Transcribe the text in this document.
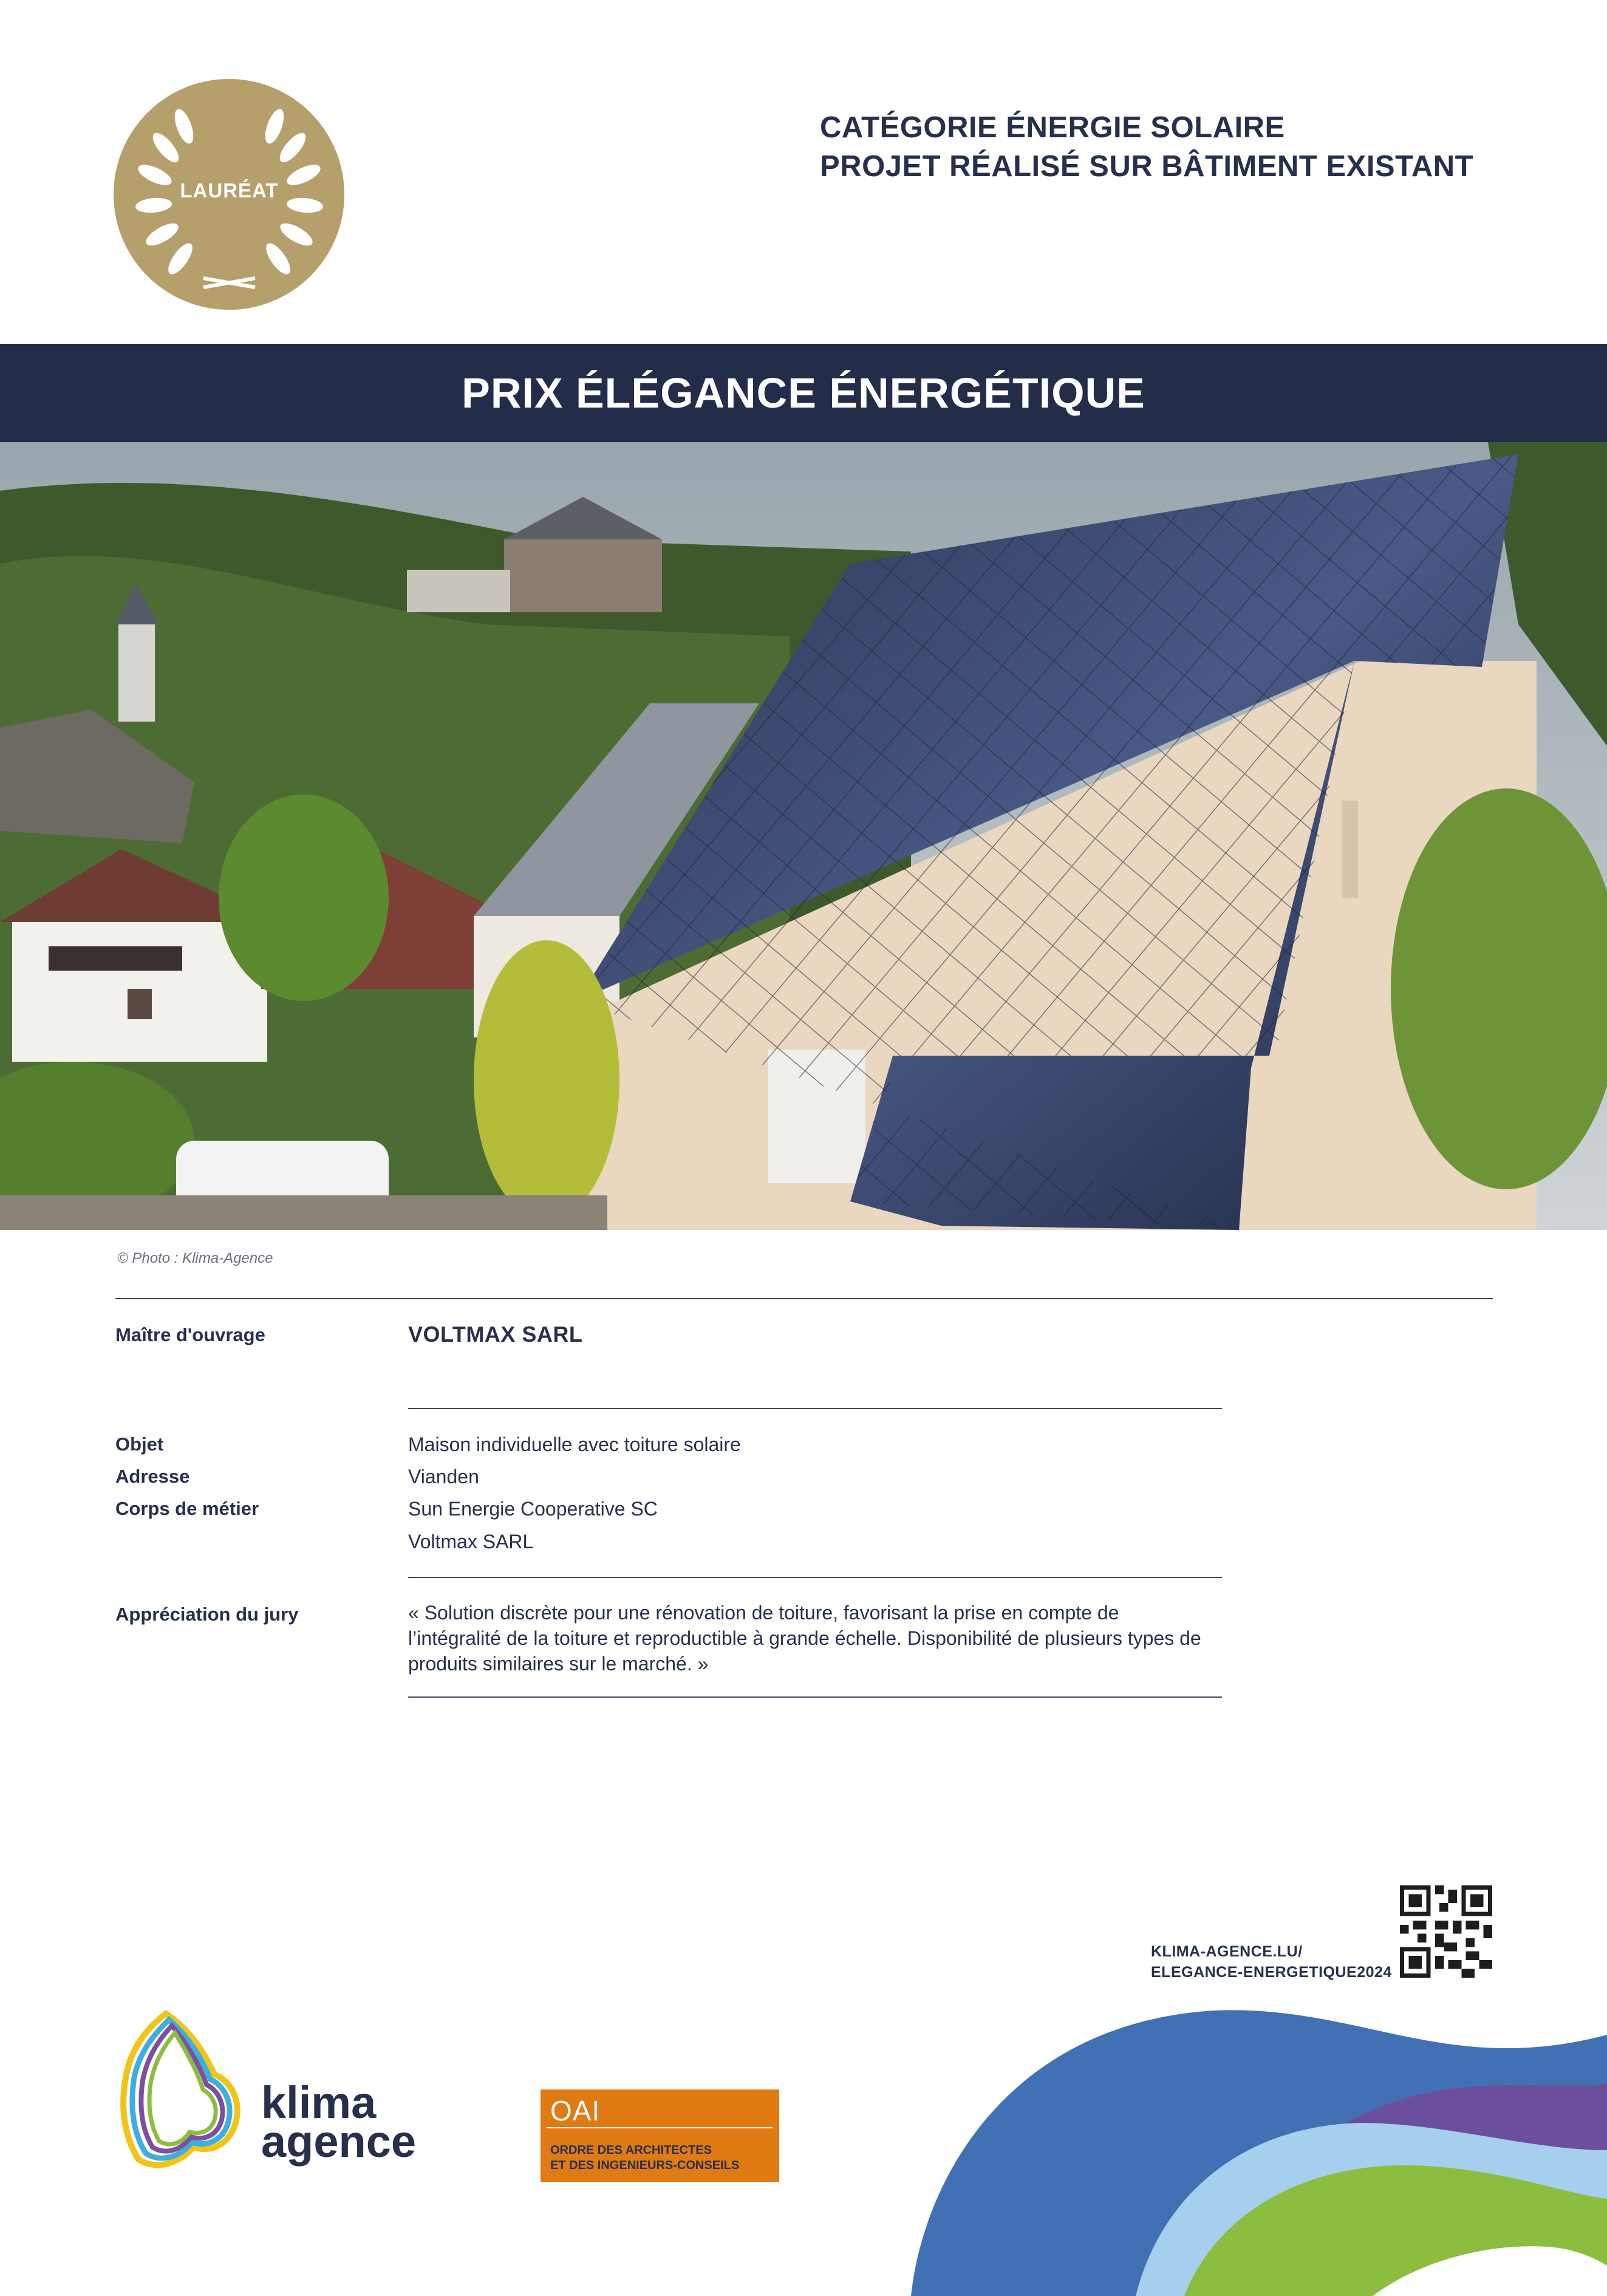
LAURÉAT
CATÉGORIE ÉNERGIE SOLAIRE
PROJET RÉALISÉ SUR BÂTIMENT EXISTANT
PRIX ÉLÉGANCE ÉNERGÉTIQUE
© Photo : Klima-Agence
Maître d'ouvrage	VOLTMAX SARL
Objet	Maison individuelle avec toiture solaire
Adresse	Vianden
Corps de métier	Sun Energie Cooperative SC
Voltmax SARL
Appréciation du jury	« Solution discrète pour une rénovation de toiture, favorisant la prise en compte de l’intégralité de la toiture et reproductible à grande échelle. Disponibilité de plusieurs types de produits similaires sur le marché. »
KLIMA-AGENCE.LU/
ELEGANCE-ENERGETIQUE2024
klima
agence
OAI
ORDRE DES ARCHITECTES
ET DES INGENIEURS-CONSEILS
